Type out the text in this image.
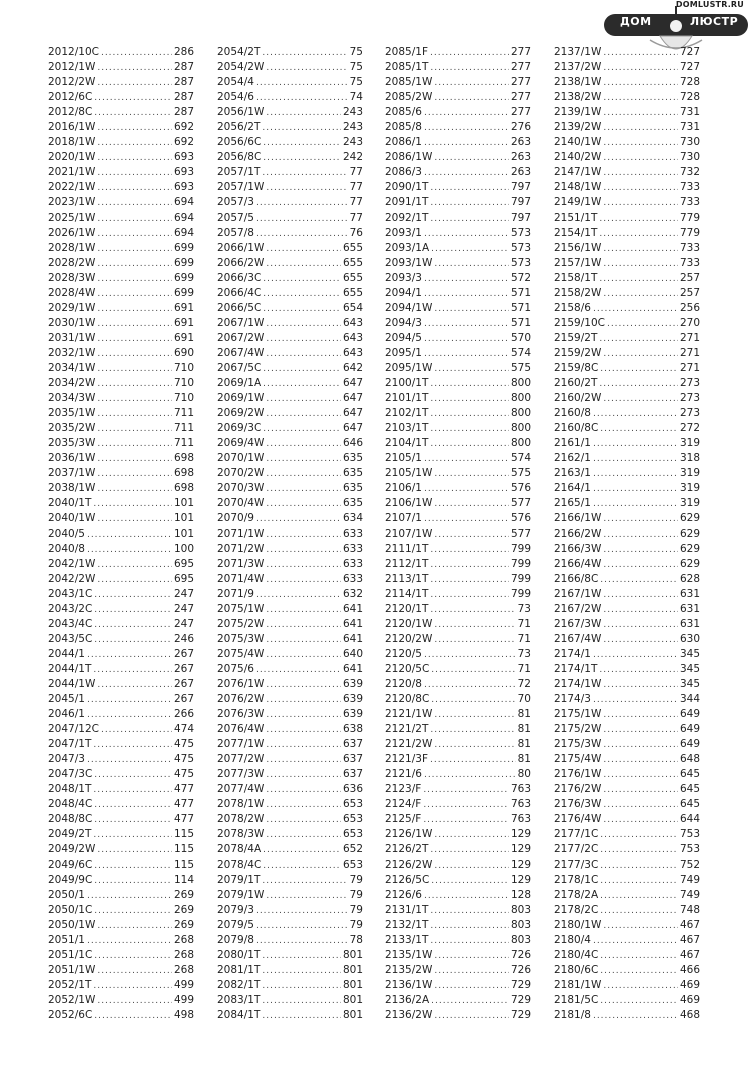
DOMLUSTR.RU
ДОМ	ЛЮСТР
2012/10C .....	286
2012/1W .....	287
2012/2W .....	287
2012/6C .....	287
2012/8C .....	287
2016/1W .....	692
2018/1W .....	692
2020/1W .....	693
2021/1W .....	693
2022/1W .....	693
2023/1W .....	694
2025/1W .....	694
2026/1W .....	694
2028/1W .....	699
2028/2W .....	699
2028/3W .....	699
2028/4W .....	699
2029/1W .....	691
2030/1W .....	691
2031/1W .....	691
2032/1W .....	690
2034/1W .....	710
2034/2W .....	710
2034/3W .....	710
2035/1W .....	711
2035/2W .....	711
2035/3W .....	711
2036/1W .....	698
2037/1W .....	698
2038/1W .....	698
2040/1T .....	101
2040/1W .....	101
2040/5 .....	101
2040/8 .....	100
2042/1W .....	695
2042/2W .....	695
2043/1C .....	247
2043/2C .....	247
2043/4C .....	247
2043/5C .....	246
2044/1 .....	267
2044/1T .....	267
2044/1W .....	267
2045/1 .....	267
2046/1 .....	266
2047/12C .....	474
2047/1T .....	475
2047/3 .....	475
2047/3C .....	475
2048/1T .....	477
2048/4C .....	477
2048/8C .....	477
2049/2T .....	115
2049/2W .....	115
2049/6C .....	115
2049/9C .....	114
2050/1 .....	269
2050/1C .....	269
2050/1W .....	269
2051/1 .....	268
2051/1C .....	268
2051/1W .....	268
2052/1T .....	499
2052/1W .....	499
2052/6C .....	498
2054/2T .....	75
2054/2W .....	75
2054/4 .....	75
2054/6 .....	74
2056/1W .....	243
2056/2T .....	243
2056/6C .....	243
2056/8C .....	242
2057/1T .....	77
2057/1W .....	77
2057/3 .....	77
2057/5 .....	77
2057/8 .....	76
2066/1W .....	655
2066/2W .....	655
2066/3C .....	655
2066/4C .....	655
2066/5C .....	654
2067/1W .....	643
2067/2W .....	643
2067/4W .....	643
2067/5C .....	642
2069/1A .....	647
2069/1W .....	647
2069/2W .....	647
2069/3C .....	647
2069/4W .....	646
2070/1W .....	635
2070/2W .....	635
2070/3W .....	635
2070/4W .....	635
2070/9 .....	634
2071/1W .....	633
2071/2W .....	633
2071/3W .....	633
2071/4W .....	633
2071/9 .....	632
2075/1W .....	641
2075/2W .....	641
2075/3W .....	641
2075/4W .....	640
2075/6 .....	641
2076/1W .....	639
2076/2W .....	639
2076/3W .....	639
2076/4W .....	638
2077/1W .....	637
2077/2W .....	637
2077/3W .....	637
2077/4W .....	636
2078/1W .....	653
2078/2W .....	653
2078/3W .....	653
2078/4A .....	652
2078/4C .....	653
2079/1T .....	79
2079/1W .....	79
2079/3 .....	79
2079/5 .....	79
2079/8 .....	78
2080/1T .....	801
2081/1T .....	801
2082/1T .....	801
2083/1T .....	801
2084/1T .....	801
2085/1F .....	277
2085/1T .....	277
2085/1W .....	277
2085/2W .....	277
2085/6 .....	277
2085/8 .....	276
2086/1 .....	263
2086/1W .....	263
2086/3 .....	263
2090/1T .....	797
2091/1T .....	797
2092/1T .....	797
2093/1 .....	573
2093/1A .....	573
2093/1W .....	573
2093/3 .....	572
2094/1 .....	571
2094/1W .....	571
2094/3 .....	571
2094/5 .....	570
2095/1 .....	574
2095/1W .....	575
2100/1T .....	800
2101/1T .....	800
2102/1T .....	800
2103/1T .....	800
2104/1T .....	800
2105/1 .....	574
2105/1W .....	575
2106/1 .....	576
2106/1W .....	577
2107/1 .....	576
2107/1W .....	577
2111/1T .....	799
2112/1T .....	799
2113/1T .....	799
2114/1T .....	799
2120/1T .....	73
2120/1W .....	71
2120/2W .....	71
2120/5 .....	73
2120/5C .....	71
2120/8 .....	72
2120/8C .....	70
2121/1W .....	81
2121/2T .....	81
2121/2W .....	81
2121/3F .....	81
2121/6 .....	80
2123/F .....	763
2124/F .....	763
2125/F .....	763
2126/1W .....	129
2126/2T .....	129
2126/2W .....	129
2126/5C .....	129
2126/6 .....	128
2131/1T .....	803
2132/1T .....	803
2133/1T .....	803
2135/1W .....	726
2135/2W .....	726
2136/1W .....	729
2136/2A .....	729
2136/2W .....	729
2137/1W .....	727
2137/2W .....	727
2138/1W .....	728
2138/2W .....	728
2139/1W .....	731
2139/2W .....	731
2140/1W .....	730
2140/2W .....	730
2147/1W .....	732
2148/1W .....	733
2149/1W .....	733
2151/1T .....	779
2154/1T .....	779
2156/1W .....	733
2157/1W .....	733
2158/1T .....	257
2158/2W .....	257
2158/6 .....	256
2159/10C .....	270
2159/2T .....	271
2159/2W .....	271
2159/8C .....	271
2160/2T .....	273
2160/2W .....	273
2160/8 .....	273
2160/8C .....	272
2161/1 .....	319
2162/1 .....	318
2163/1 .....	319
2164/1 .....	319
2165/1 .....	319
2166/1W .....	629
2166/2W .....	629
2166/3W .....	629
2166/4W .....	629
2166/8C .....	628
2167/1W .....	631
2167/2W .....	631
2167/3W .....	631
2167/4W .....	630
2174/1 .....	345
2174/1T .....	345
2174/1W .....	345
2174/3 .....	344
2175/1W .....	649
2175/2W .....	649
2175/3W .....	649
2175/4W .....	648
2176/1W .....	645
2176/2W .....	645
2176/3W .....	645
2176/4W .....	644
2177/1C .....	753
2177/2C .....	753
2177/3C .....	752
2178/1C .....	749
2178/2A .....	749
2178/2C .....	748
2180/1W .....	467
2180/4 .....	467
2180/4C .....	467
2180/6C .....	466
2181/1W .....	469
2181/5C .....	469
2181/8 .....	468
